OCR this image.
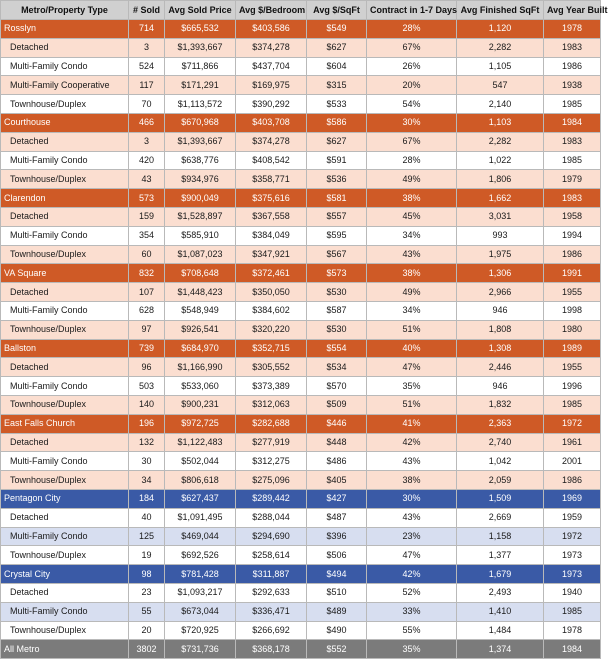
Metro/Property Type	# Sold	Avg Sold Price	Avg $/Bedroom	Avg $/SqFt	Contract in 1-7 Days	Avg Finished SqFt	Avg Year Built
Rosslyn	714	$665,532	$403,586	$549	28%	1,120	1978
Detached	3	$1,393,667	$374,278	$627	67%	2,282	1983
Multi-Family Condo	524	$711,866	$437,704	$604	26%	1,105	1986
Multi-Family Cooperative	117	$171,291	$169,975	$315	20%	547	1938
Townhouse/Duplex	70	$1,113,572	$390,292	$533	54%	2,140	1985
Courthouse	466	$670,968	$403,708	$586	30%	1,103	1984
Detached	3	$1,393,667	$374,278	$627	67%	2,282	1983
Multi-Family Condo	420	$638,776	$408,542	$591	28%	1,022	1985
Townhouse/Duplex	43	$934,976	$358,771	$536	49%	1,806	1979
Clarendon	573	$900,049	$375,616	$581	38%	1,662	1983
Detached	159	$1,528,897	$367,558	$557	45%	3,031	1958
Multi-Family Condo	354	$585,910	$384,049	$595	34%	993	1994
Townhouse/Duplex	60	$1,087,023	$347,921	$567	43%	1,975	1986
VA Square	832	$708,648	$372,461	$573	38%	1,306	1991
Detached	107	$1,448,423	$350,050	$530	49%	2,966	1955
Multi-Family Condo	628	$548,949	$384,602	$587	34%	946	1998
Townhouse/Duplex	97	$926,541	$320,220	$530	51%	1,808	1980
Ballston	739	$684,970	$352,715	$554	40%	1,308	1989
Detached	96	$1,166,990	$305,552	$534	47%	2,446	1955
Multi-Family Condo	503	$533,060	$373,389	$570	35%	946	1996
Townhouse/Duplex	140	$900,231	$312,063	$509	51%	1,832	1985
East Falls Church	196	$972,725	$282,688	$446	41%	2,363	1972
Detached	132	$1,122,483	$277,919	$448	42%	2,740	1961
Multi-Family Condo	30	$502,044	$312,275	$486	43%	1,042	2001
Townhouse/Duplex	34	$806,618	$275,096	$405	38%	2,059	1986
Pentagon City	184	$627,437	$289,442	$427	30%	1,509	1969
Detached	40	$1,091,495	$288,044	$487	43%	2,669	1959
Multi-Family Condo	125	$469,044	$294,690	$396	23%	1,158	1972
Townhouse/Duplex	19	$692,526	$258,614	$506	47%	1,377	1973
Crystal City	98	$781,428	$311,887	$494	42%	1,679	1973
Detached	23	$1,093,217	$292,633	$510	52%	2,493	1940
Multi-Family Condo	55	$673,044	$336,471	$489	33%	1,410	1985
Townhouse/Duplex	20	$720,925	$266,692	$490	55%	1,484	1978
All Metro	3802	$731,736	$368,178	$552	35%	1,374	1984
